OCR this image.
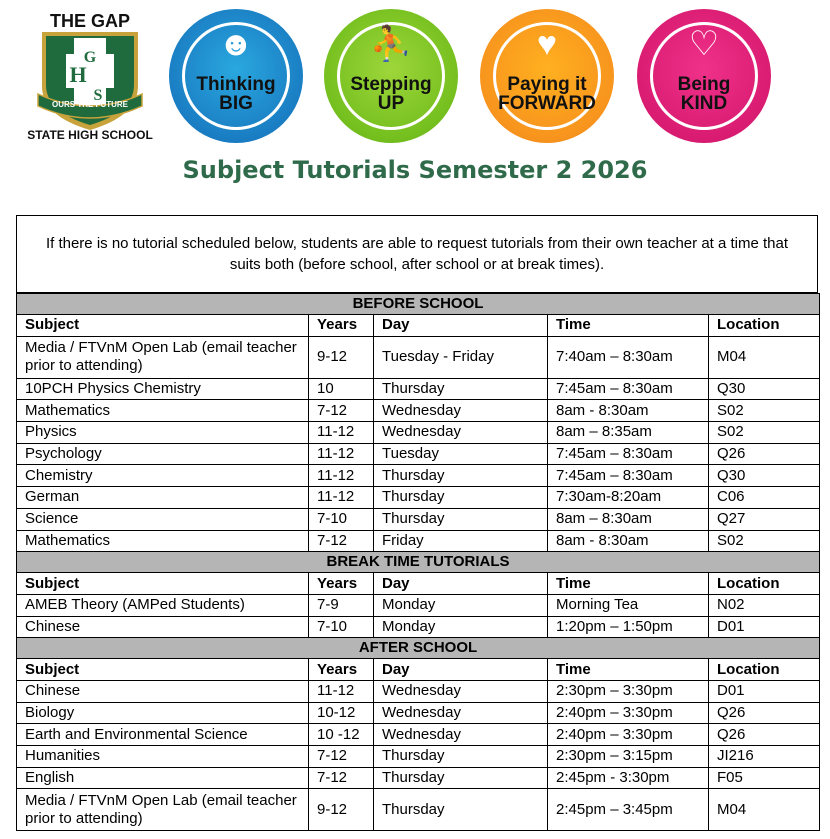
THE GAP
G
H
S
OURS THE FUTURE
STATE HIGH SCHOOL
☻
Thinking
BIG
⛹
Stepping
UP
♥
Paying it
FORWARD
♡
Being
KIND
Subject Tutorials Semester 2 2026
If there is no tutorial scheduled below, students are able to request tutorials from their own teacher at a time that suits both (before school, after school or at break times).
BEFORE SCHOOL				
Subject	Years	Day	Time	Location
Media / FTVnM Open Lab (email teacher prior to attending)	9-12	Tuesday - Friday	7:40am – 8:30am	M04
10PCH Physics Chemistry	10	Thursday	7:45am – 8:30am	Q30
Mathematics	7-12	Wednesday	8am - 8:30am	S02
Physics	11-12	Wednesday	8am – 8:35am	S02
Psychology	11-12	Tuesday	7:45am – 8:30am	Q26
Chemistry	11-12	Thursday	7:45am – 8:30am	Q30
German	11-12	Thursday	7:30am-8:20am	C06
Science	7-10	Thursday	8am – 8:30am	Q27
Mathematics	7-12	Friday	8am - 8:30am	S02
BREAK TIME TUTORIALS				
Subject	Years	Day	Time	Location
AMEB Theory (AMPed Students)	7-9	Monday	Morning Tea	N02
Chinese	7-10	Monday	1:20pm – 1:50pm	D01
AFTER SCHOOL				
Subject	Years	Day	Time	Location
Chinese	11-12	Wednesday	2:30pm – 3:30pm	D01
Biology	10-12	Wednesday	2:40pm – 3:30pm	Q26
Earth and Environmental Science	10 -12	Wednesday	2:40pm – 3:30pm	Q26
Humanities	7-12	Thursday	2:30pm – 3:15pm	JI216
English	7-12	Thursday	2:45pm - 3:30pm	F05
Media / FTVnM Open Lab (email teacher prior to attending)	9-12	Thursday	2:45pm – 3:45pm	M04
